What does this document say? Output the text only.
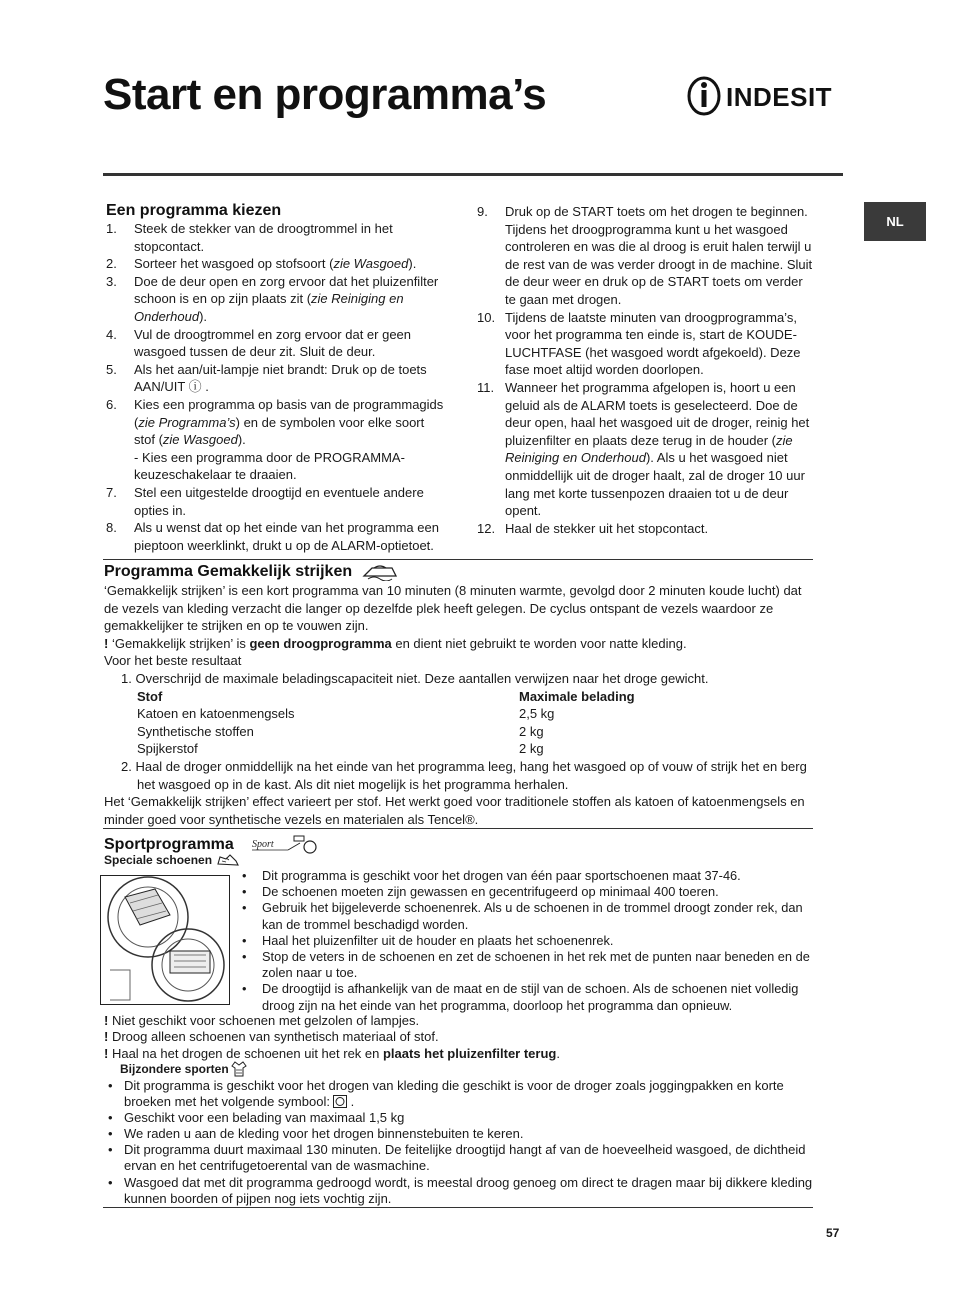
Start en programma’s	INDESIT
NL
Een programma kiezen
1. Steek de stekker van de droogtrommel in het stopcontact.
2. Sorteer het wasgoed op stofsoort (zie Wasgoed).
3. Doe de deur open en zorg ervoor dat het pluizenfilter schoon is en op zijn plaats zit (zie Reiniging en Onderhoud).
4. Vul de droogtrommel en zorg ervoor dat er geen wasgoed tussen de deur zit. Sluit de deur.
5. Als het aan/uit-lampje niet brandt: Druk op de toets AAN/UIT ⓘ .
6. Kies een programma op basis van de programmagids (zie Programma’s) en de symbolen voor elke soort stof (zie Wasgoed).
- Kies een programma door de PROGRAMMA-keuzeschakelaar te draaien.
7. Stel een uitgestelde droogtijd en eventuele andere opties in.
8. Als u wenst dat op het einde van het programma een pieptoon weerklinkt, drukt u op de ALARM-optietoet.
9. Druk op de START toets om het drogen te beginnen.
Tijdens het droogprogramma kunt u het wasgoed controleren en was die al droog is eruit halen terwijl u de rest van de was verder droogt in de machine. Sluit de deur weer en druk op de START toets om verder te gaan met drogen.
10. Tijdens de laatste minuten van droogprogramma’s, voor het programma ten einde is, start de KOUDE- LUCHTFASE (het wasgoed wordt afgekoeld). Deze fase moet altijd worden doorlopen.
11. Wanneer het programma afgelopen is, hoort u een geluid als de ALARM toets is geselecteerd. Doe de deur open, haal het wasgoed uit de droger, reinig het pluizenfilter en plaats deze terug in de houder (zie Reiniging en Onderhoud). Als u het wasgoed niet onmiddellijk uit de droger haalt, zal de droger 10 uur lang met korte tussenpozen draaien tot u de deur opent.
12. Haal de stekker uit het stopcontact.
Programma Gemakkelijk strijken
‘Gemakkelijk strijken’ is een kort programma van 10 minuten (8 minuten warmte, gevolgd door 2 minuten koude lucht) dat de vezels van kleding verzacht die langer op dezelfde plek heeft gelegen. De cyclus ontspant de vezels waardoor ze gemakkelijker te strijken en op te vouwen zijn.
! ‘Gemakkelijk strijken’ is geen droogprogramma en dient niet gebruikt te worden voor natte kleding.
Voor het beste resultaat
1. Overschrijd de maximale beladingscapaciteit niet. Deze aantallen verwijzen naar het droge gewicht.
Stof	Maximale belading
Katoen en katoenmengsels	2,5 kg
Synthetische stoffen	2 kg
Spijkerstof	2 kg
2. Haal de droger onmiddellijk na het einde van het programma leeg, hang het wasgoed op of vouw of strijk het en berg het wasgoed op in de kast. Als dit niet mogelijk is het programma herhalen.
Het ‘Gemakkelijk strijken’ effect varieert per stof. Het werkt goed voor traditionele stoffen als katoen of katoenmengsels en minder goed voor synthetische vezels en materialen als Tencel®.
Sportprogramma Sport
Speciale schoenen
• Dit programma is geschikt voor het drogen van één paar sportschoenen maat 37-46.
• De schoenen moeten zijn gewassen en gecentrifugeerd op minimaal 400 toeren.
• Gebruik het bijgeleverde schoenenrek. Als u de schoenen in de trommel droogt zonder rek, dan kan de trommel beschadigd worden.
• Haal het pluizenfilter uit de houder en plaats het schoenenrek.
• Stop de veters in de schoenen en zet de schoenen in het rek met de punten naar beneden en de zolen naar u toe.
• De droogtijd is afhankelijk van de maat en de stijl van de schoen. Als de schoenen niet volledig droog zijn na het einde van het programma, doorloop het programma dan opnieuw.
! Niet geschikt voor schoenen met gelzolen of lampjes.
! Droog alleen schoenen van synthetisch materiaal of stof.
! Haal na het drogen de schoenen uit het rek en plaats het pluizenfilter terug.
Bijzondere sporten
• Dit programma is geschikt voor het drogen van kleding die geschikt is voor de droger zoals joggingpakken en korte broeken met het volgende symbool: .
• Geschikt voor een belading van maximaal 1,5 kg
• We raden u aan de kleding voor het drogen binnenstebuiten te keren.
• Dit programma duurt maximaal 130 minuten. De feitelijke droogtijd hangt af van de hoeveelheid wasgoed, de dichtheid ervan en het centrifugetoerental van de wasmachine.
• Wasgoed dat met dit programma gedroogd wordt, is meestal droog genoeg om direct te dragen maar bij dikkere kleding kunnen boorden of pijpen nog iets vochtig zijn.
57
